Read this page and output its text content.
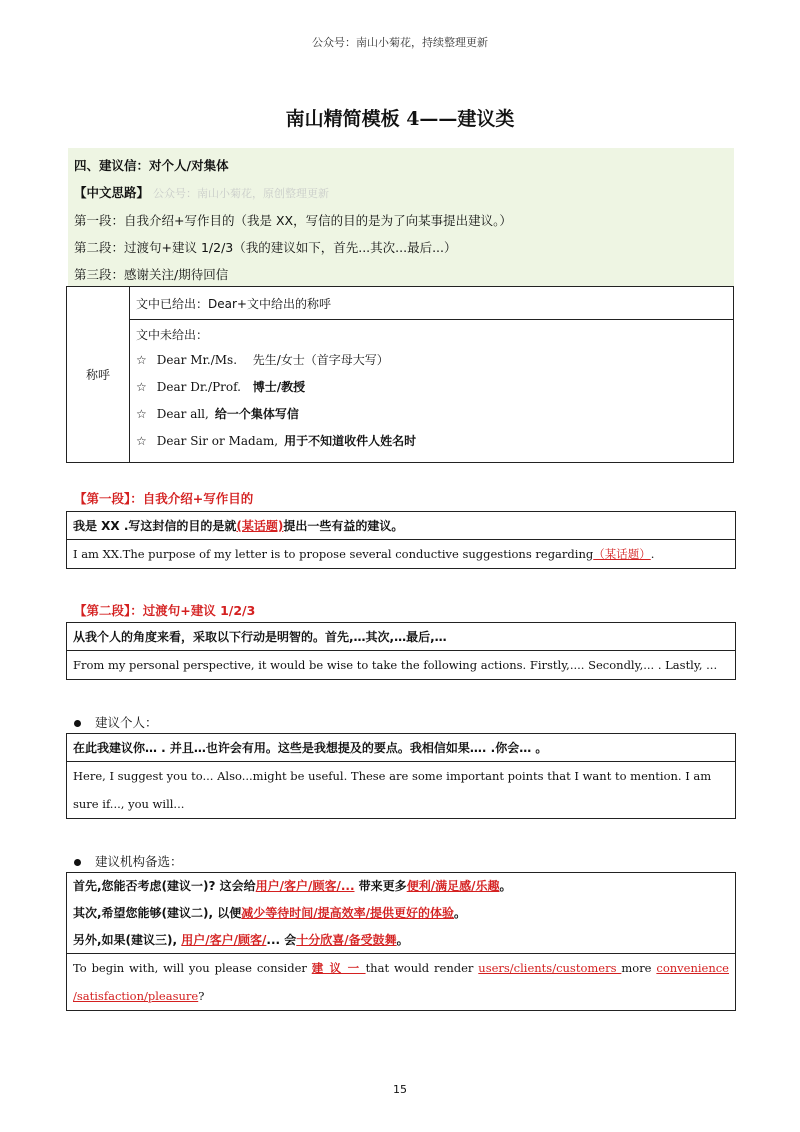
公众号：南山小菊花，持续整理更新
南山精简模板 4——建议类
四、建议信：对个人/对集体
【中文思路】 公众号：南山小菊花，原创整理更新
第一段：自我介绍+写作目的（我是 XX，写信的目的是为了向某事提出建议。）
第二段：过渡句+建议 1/2/3（我的建议如下，首先...其次...最后...）
第三段：感谢关注/期待回信
称呼	文中已给出：Dear+文中给出的称呼

文中未给出：
☆ Dear Mr./Ms. 先生/女士（首字母大写）
☆ Dear Dr./Prof. 博士/教授
☆ Dear all, 给一个集体写信
☆ Dear Sir or Madam, 用于不知道收件人姓名时
【第一段】：自我介绍+写作目的
我是 XX .写这封信的目的是就 (某话题) 提出一些有益的建议。
I am XX.The purpose of my letter is to propose several conductive suggestions regarding （某话题） .
【第二段】：过渡句+建议 1/2/3
从我个人的角度来看，采取以下行动是明智的。首先,…其次,…最后,…
From my personal perspective, it would be wise to take the following actions. Firstly,.... Secondly,... . Lastly, ...
建议个人：
在此我建议你… . 并且…也许会有用。这些是我想提及的要点。我相信如果…. .你会… 。
Here, I suggest you to... Also...might be useful. These are some important points that I want to mention. I am sure if..., you will...
建议机构备选：
首先,您能否考虑(建议一)? 这会给用户/客户/顾客/... 带来更多便利/满足感/乐趣。
其次,希望您能够(建议二), 以便减少等待时间/提高效率/提供更好的体验。
另外,如果(建议三), 用户/客户/顾客/... 会十分欣喜/备受鼓舞。
To begin with, will you please consider 建 议 一 that would render users/clients/customers more convenience /satisfaction/pleasure?
15
